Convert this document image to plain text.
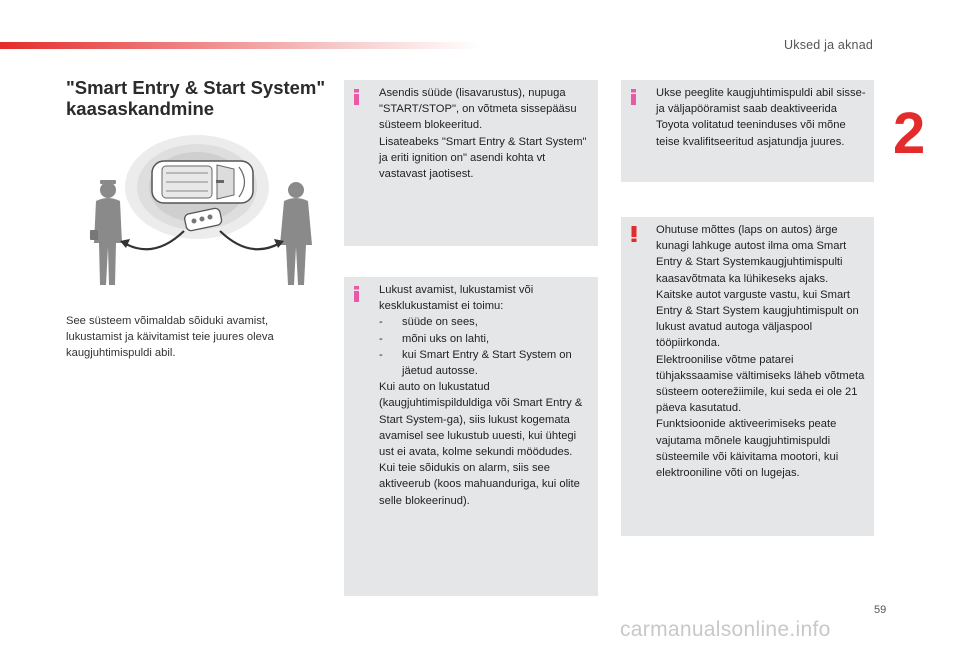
Uksed ja aknad
2
"Smart Entry & Start System" kaasaskandmine

See süsteem võimaldab sõiduki avamist, lukustamist ja käivitamist teie juures oleva kaugjuhtimispuldi abil.

Asendis süüde (lisavarustus), nupuga "START/STOP", on võtmeta sissepääsu süsteem blokeeritud.
Lisateabeks "Smart Entry & Start System" ja eriti ignition on" asendi kohta vt vastavast jaotisest.
Lukust avamist, lukustamist või kesklukustamist ei toimu:
- süüde on sees,
- mõni uks on lahti,
- kui Smart Entry & Start System on jäetud autosse.
Kui auto on lukustatud (kaugjuhtimispilduldiga või Smart Entry & Start System-ga), siis lukust kogemata avamisel see lukustub uuesti, kui ühtegi ust ei avata, kolme sekundi möödudes.
Kui teie sõidukis on alarm, siis see aktiveerub (koos mahuanduriga, kui olite selle blokeerinud).
Ukse peeglite kaugjuhtimispuldi abil sisse- ja väljapööramist saab deaktiveerida Toyota volitatud teeninduses või mõne teise kvalifitseeritud asjatundja juures.
Ohutuse mõttes (laps on autos) ärge kunagi lahkuge autost ilma oma Smart Entry & Start Systemkaugjuhtimispulti kaasavõtmata ka lühikeseks ajaks.
Kaitske autot varguste vastu, kui Smart Entry & Start System kaugjuhtimispult on lukust avatud autoga väljaspool tööpiirkonda.
Elektroonilise võtme patarei tühjakssaamise vältimiseks läheb võtmeta süsteem ooterežiimile, kui seda ei ole 21 päeva kasutatud.
Funktsioonide aktiveerimiseks peate vajutama mõnele kaugjuhtimispuldi süsteemile või käivitama mootori, kui elektrooniline võti on lugejas.
59
carmanualsonline.info
